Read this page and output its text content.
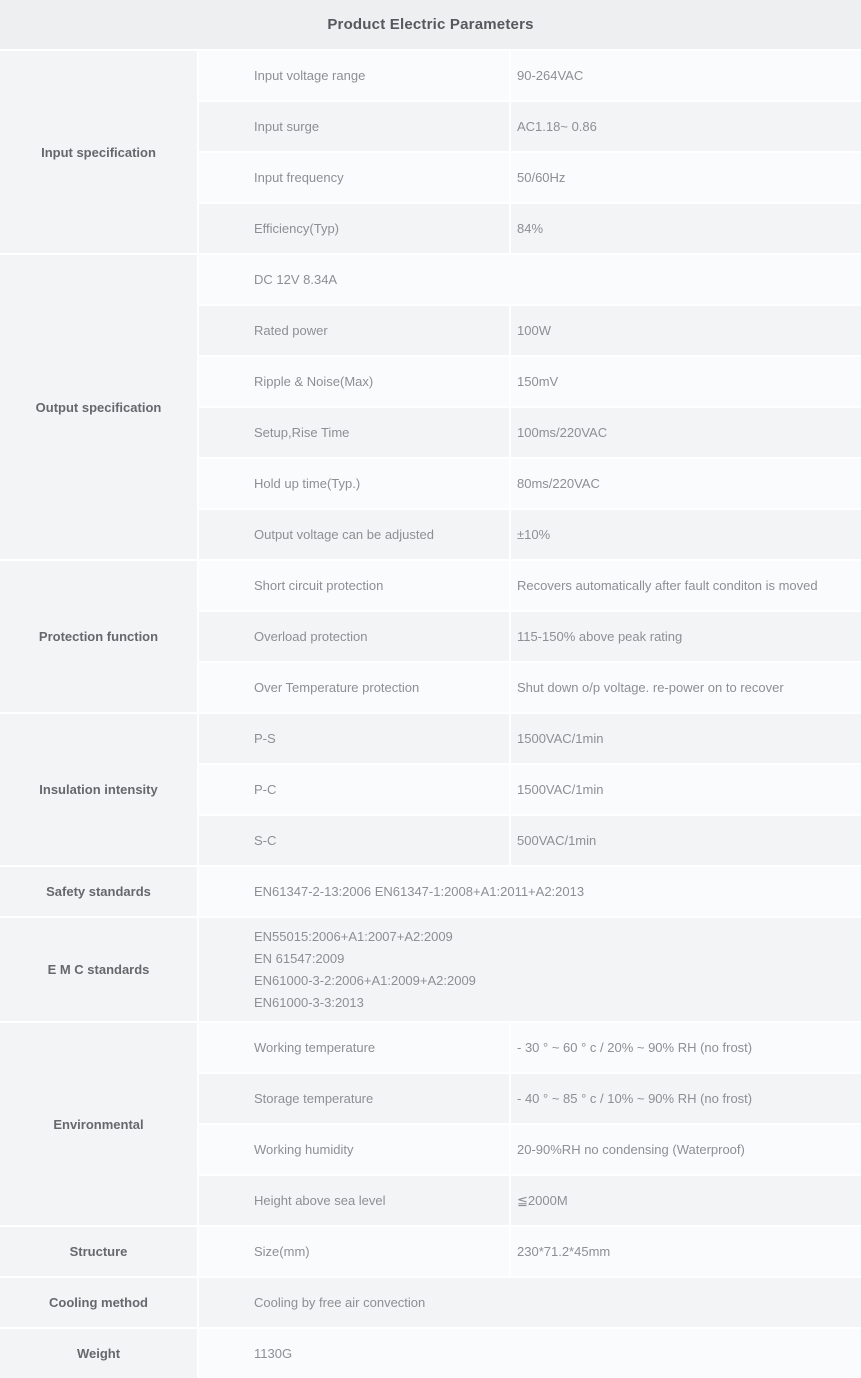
Product Electric Parameters
Input specification
Input voltage range	90-264VAC
Input surge	AC1.18~ 0.86
Input frequency	50/60Hz
Efficiency(Typ)	84%
Output specification
DC 12V 8.34A
Rated power	100W
Ripple & Noise(Max)	150mV
Setup,Rise Time	100ms/220VAC
Hold up time(Typ.)	80ms/220VAC
Output voltage can be adjusted	±10%
Protection function
Short circuit protection	Recovers automatically after fault conditon is moved
Overload protection	115-150% above peak rating
Over Temperature protection	Shut down o/p voltage. re-power on to recover
Insulation intensity
P-S	1500VAC/1min
P-C	1500VAC/1min
S-C	500VAC/1min
Safety standards	EN61347-2-13:2006 EN61347-1:2008+A1:2011+A2:2013
E M C standards
EN55015:2006+A1:2007+A2:2009
EN 61547:2009
EN61000-3-2:2006+A1:2009+A2:2009
EN61000-3-3:2013
Environmental
Working temperature	- 30 ° ~ 60 ° c / 20% ~ 90% RH (no frost)
Storage temperature	- 40 ° ~ 85 ° c / 10% ~ 90% RH (no frost)
Working humidity	20-90%RH no condensing (Waterproof)
Height above sea level	≦2000M
Structure	Size(mm)	230*71.2*45mm
Cooling method	Cooling by free air convection
Weight	1130G
